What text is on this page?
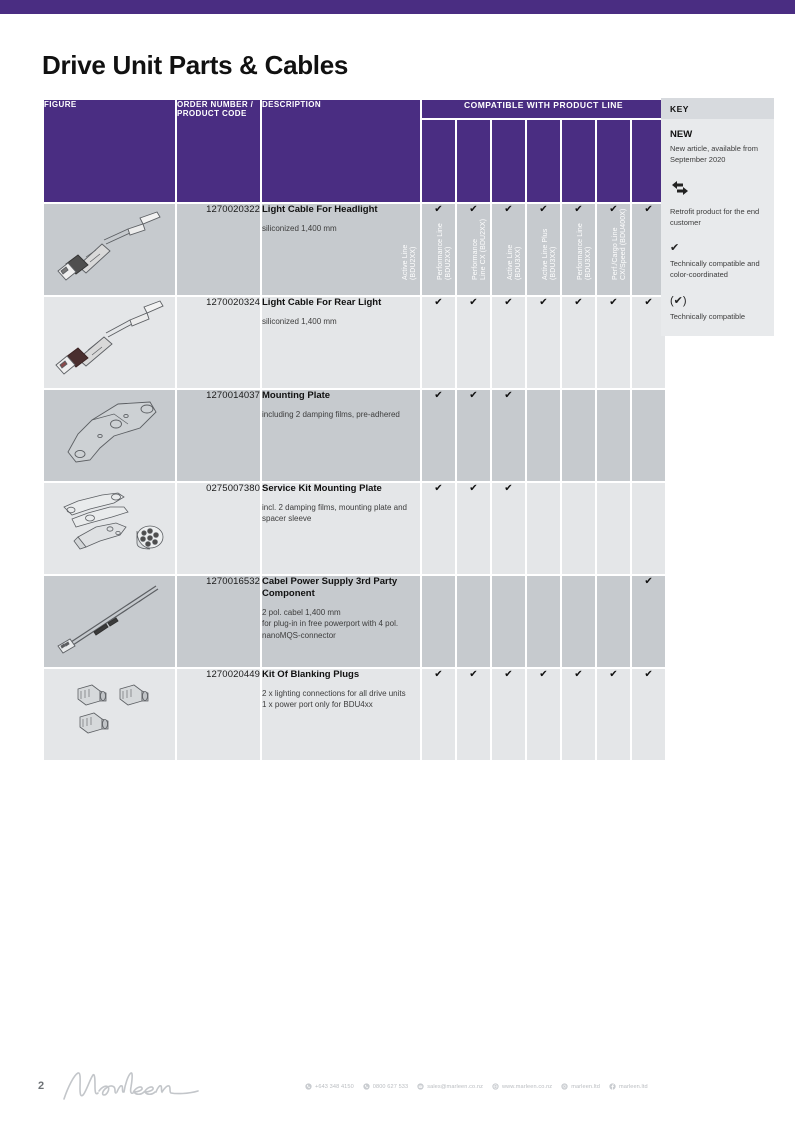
Drive Unit Parts & Cables
FIGURE	ORDER NUMBER / PRODUCT CODE	DESCRIPTION	COMPATIBLE WITH PRODUCT LINE						

			Active Line (BDU2XX)	Performance Line (BDU2XX)	Performance Line CX (BDU2XX)	Active Line (BDU3XX)	Active Line Plus (BDU3XX)	Performance Line (BDU3XX)	Perf./Cargo Line CX/Speed (BDU400X)

	1270020322	Light Cable For Headlight
siliconized 1,400 mm	✔	✔	✔	✔	✔	✔	✔

	1270020324	Light Cable For Rear Light
siliconized 1,400 mm	✔	✔	✔	✔	✔	✔	✔

	1270014037	Mounting Plate
including 2 damping films, pre-adhered	✔	✔	✔				

	0275007380	Service Kit Mounting Plate
incl. 2 damping films, mounting plate and spacer sleeve	✔	✔	✔				

	1270016532	Cabel Power Supply 3rd Party Component
2 pol. cabel 1,400 mm
for plug-in in free powerport with 4 pol. nanoMQS-connector							✔

	1270020449	Kit Of Blanking Plugs
2 x lighting connections for all drive units
1 x power port only for BDU4xx	✔	✔	✔	✔	✔	✔	✔
KEY
NEW
New article, available from September 2020
Retrofit product for the end customer
✔
Technically compatible and color-coordinated
(✔)
Technically compatible
2	+643 348 4150	0800 627 533	sales@marleen.co.nz	www.marleen.co.nz	marleen.ltd	marleen.ltd
